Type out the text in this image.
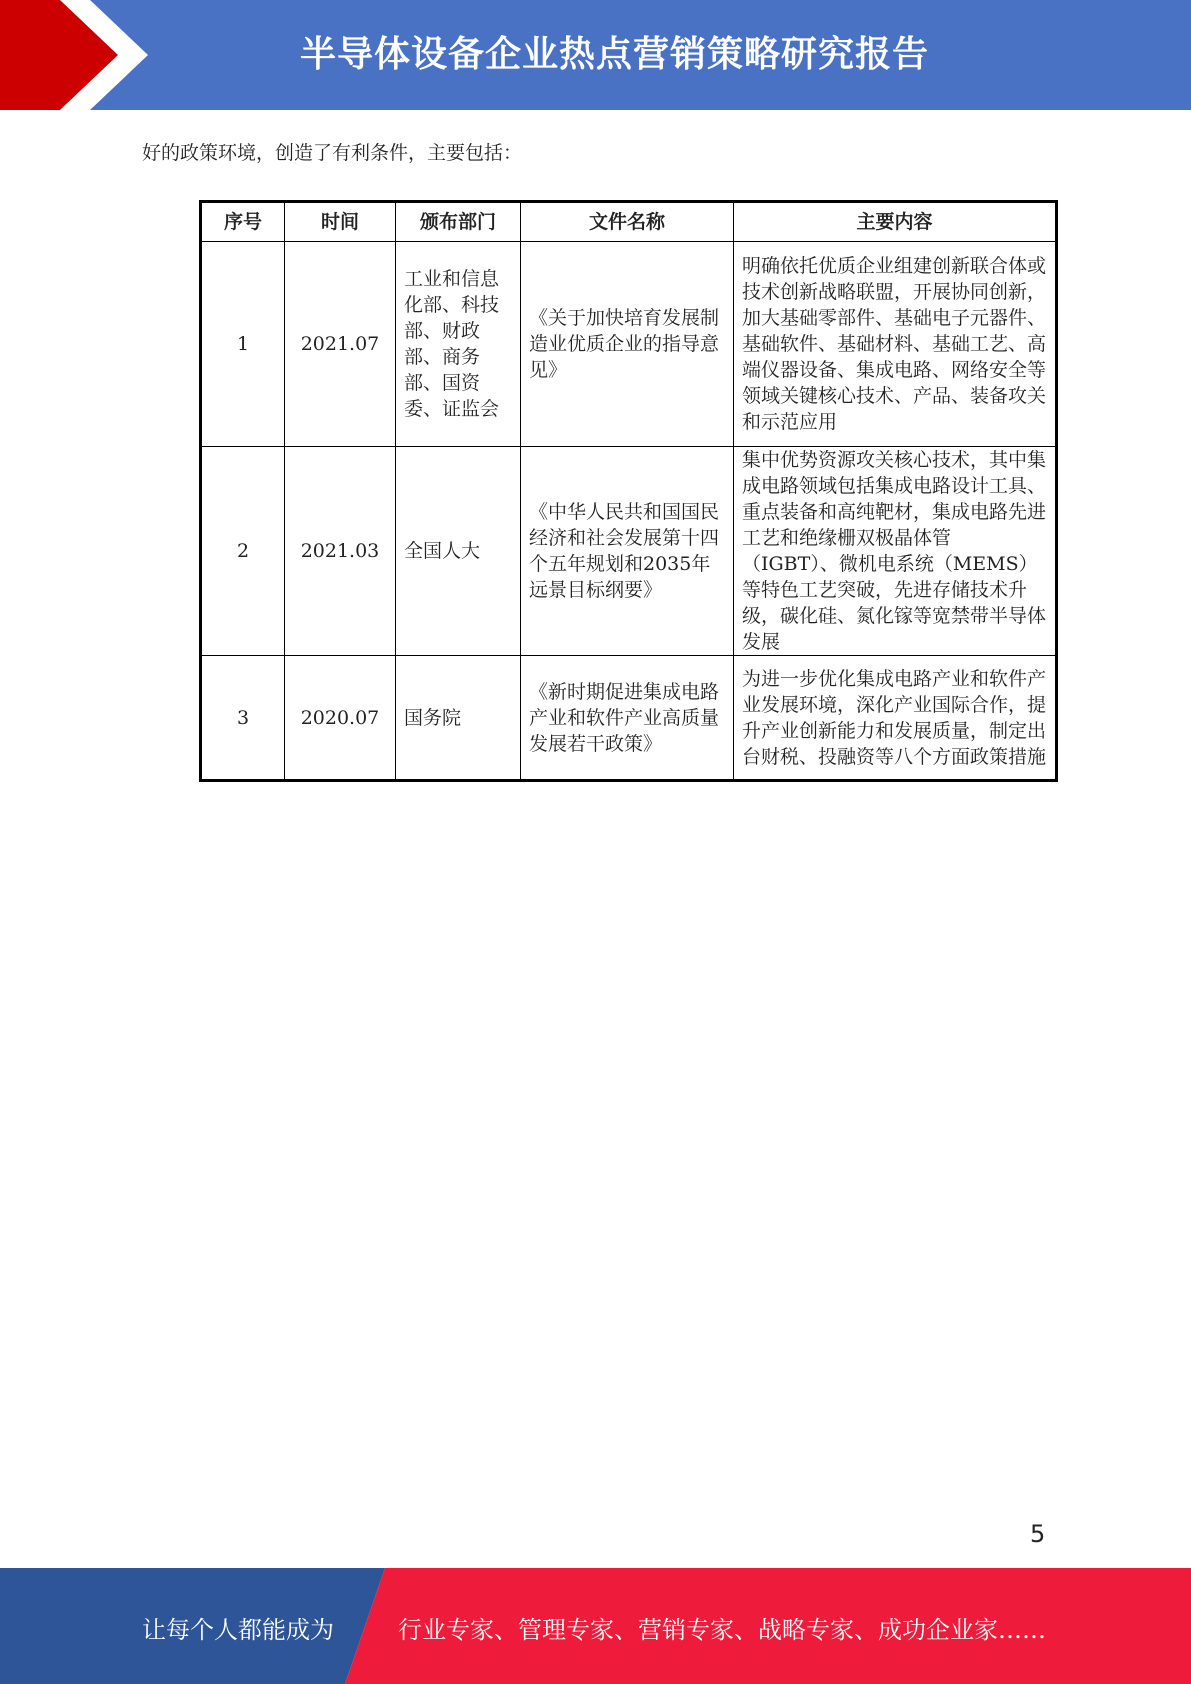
半导体设备企业热点营销策略研究报告
好的政策环境，创造了有利条件，主要包括：
序号	时间	颁布部门	文件名称	主要内容
1	2021.07	工业和信息化部、科技部、财政部、商务部、国资委、证监会	《关于加快培育发展制造业优质企业的指导意见》	明确依托优质企业组建创新联合体或技术创新战略联盟，开展协同创新，加大基础零部件、基础电子元器件、基础软件、基础材料、基础工艺、高端仪器设备、集成电路、网络安全等领域关键核心技术、产品、装备攻关和示范应用
2	2021.03	全国人大	《中华人民共和国国民经济和社会发展第十四个五年规划和2035年远景目标纲要》	集中优势资源攻关核心技术，其中集成电路领域包括集成电路设计工具、重点装备和高纯靶材，集成电路先进工艺和绝缘栅双极晶体管（IGBT）、微机电系统（MEMS）等特色工艺突破，先进存储技术升级，碳化硅、氮化镓等宽禁带半导体发展
3	2020.07	国务院	《新时期促进集成电路产业和软件产业高质量发展若干政策》	为进一步优化集成电路产业和软件产业发展环境，深化产业国际合作，提升产业创新能力和发展质量，制定出台财税、投融资等八个方面政策措施
5
让每个人都能成为	行业专家、管理专家、营销专家、战略专家、成功企业家……
